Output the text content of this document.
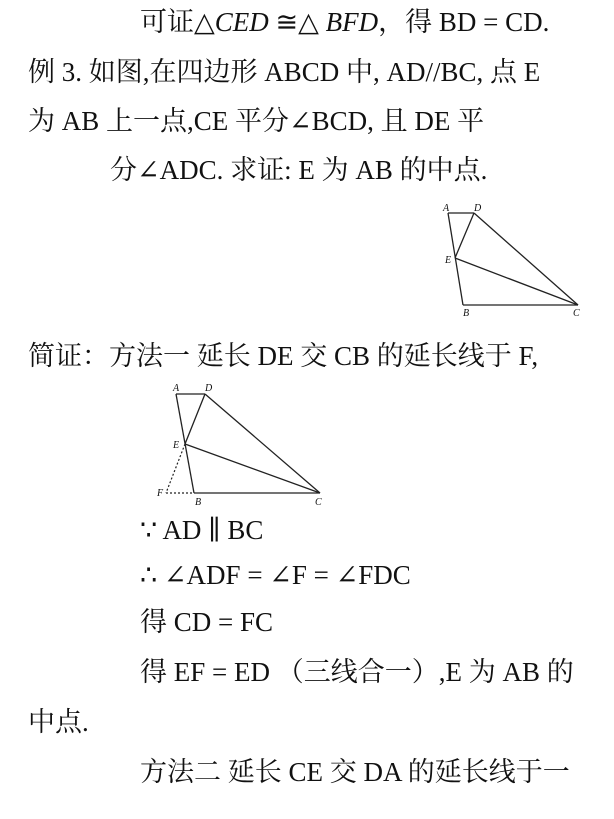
可证△CED ≅△ BFD，得 BD = CD.
例 3. 如图,在四边形 ABCD 中, AD//BC, 点 E
为 AB 上一点,CE 平分∠BCD, 且 DE 平
分∠ADC. 求证: E 为 AB 的中点.
A D
E
B	C
简证：方法一 延长 DE 交 CB 的延长线于 F,
A	D
E
F
B	C
∵ AD ∥ BC
∴ ∠ADF = ∠F = ∠FDC
得 CD = FC
得 EF = ED （三线合一）,E 为 AB 的
中点.
方法二 延长 CE 交 DA 的延长线于一
